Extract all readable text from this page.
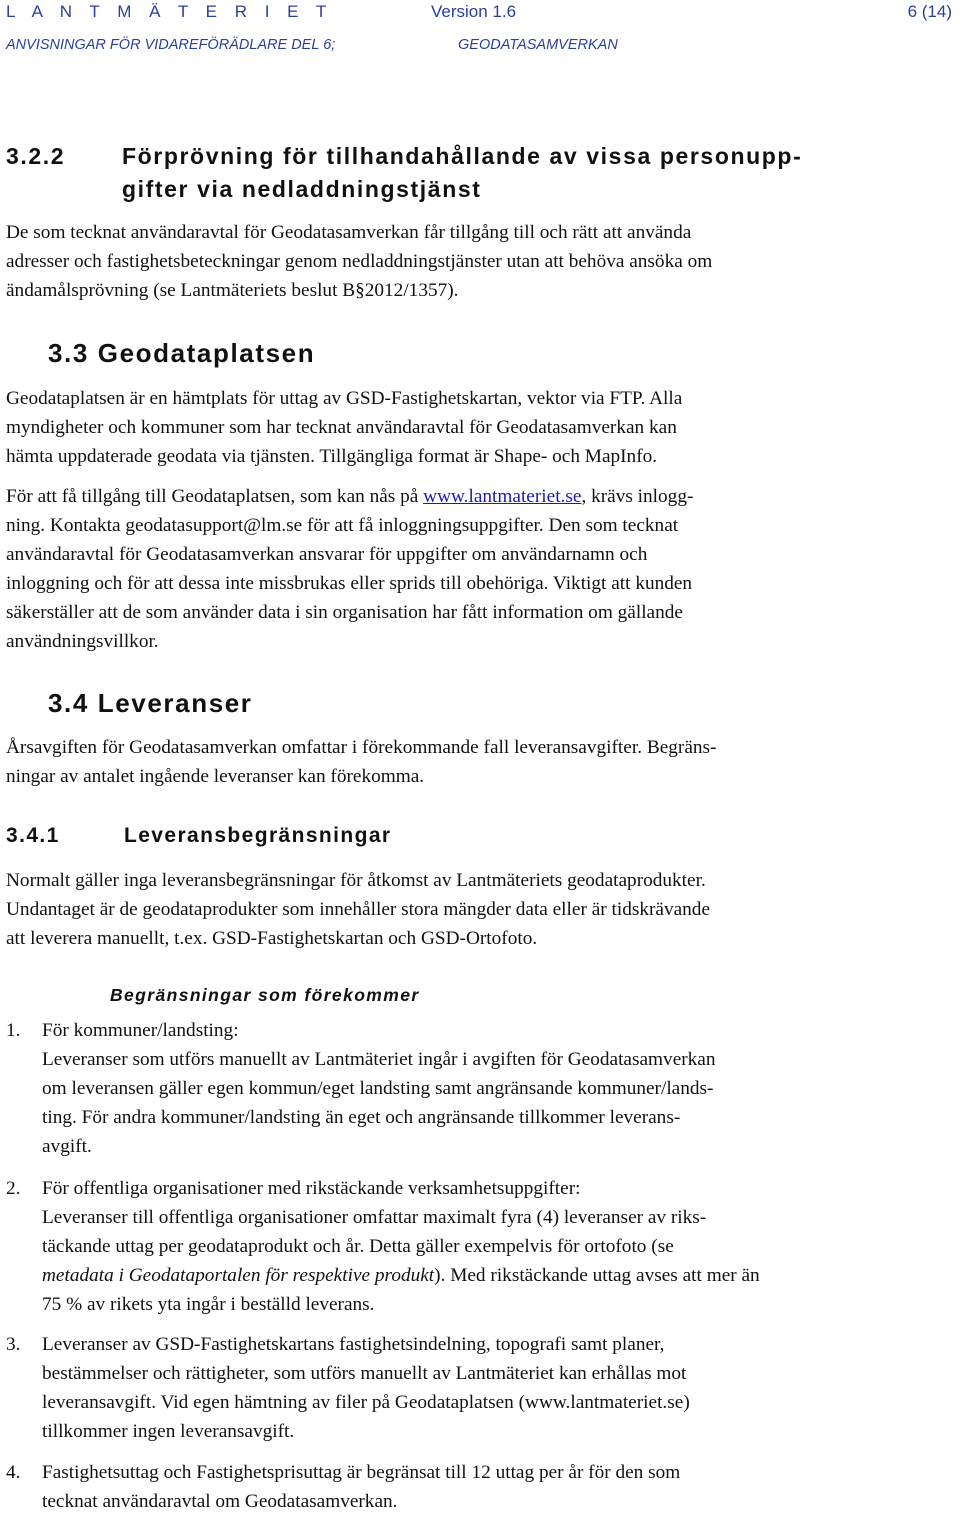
L A N T M Ä T E R I E T	Version 1.6	6 (14)
ANVISNINGAR FÖR VIDAREFÖRÄDLARE DEL 6;	GEODATASAMVERKAN
3.2.2 Förprövning för tillhandahållande av vissa personupp-
gifter via nedladdningstjänst
De som tecknat användaravtal för Geodatasamverkan får tillgång till och rätt att använda
adresser och fastighetsbeteckningar genom nedladdningstjänster utan att behöva ansöka om
ändamålsprövning (se Lantmäteriets beslut B§2012/1357).
3.3 Geodataplatsen
Geodataplatsen är en hämtplats för uttag av GSD-Fastighetskartan, vektor via FTP. Alla
myndigheter och kommuner som har tecknat användaravtal för Geodatasamverkan kan
hämta uppdaterade geodata via tjänsten. Tillgängliga format är Shape- och MapInfo.
För att få tillgång till Geodataplatsen, som kan nås på www.lantmateriet.se, krävs inlogg-
ning. Kontakta geodatasupport@lm.se för att få inloggningsuppgifter. Den som tecknat
användaravtal för Geodatasamverkan ansvarar för uppgifter om användarnamn och
inloggning och för att dessa inte missbrukas eller sprids till obehöriga. Viktigt att kunden
säkerställer att de som använder data i sin organisation har fått information om gällande
användningsvillkor.
3.4 Leveranser
Årsavgiften för Geodatasamverkan omfattar i förekommande fall leveransavgifter. Begräns-
ningar av antalet ingående leveranser kan förekomma.
3.4.1	Leveransbegränsningar
Normalt gäller inga leveransbegränsningar för åtkomst av Lantmäteriets geodataprodukter.
Undantaget är de geodataprodukter som innehåller stora mängder data eller är tidskrävande
att leverera manuellt, t.ex. GSD-Fastighetskartan och GSD-Ortofoto.
Begränsningar som förekommer
1. För kommuner/landsting:
Leveranser som utförs manuellt av Lantmäteriet ingår i avgiften för Geodatasamverkan
om leveransen gäller egen kommun/eget landsting samt angränsande kommuner/lands-
ting. För andra kommuner/landsting än eget och angränsande tillkommer leverans-
avgift.
2. För offentliga organisationer med rikstäckande verksamhetsuppgifter:
Leveranser till offentliga organisationer omfattar maximalt fyra (4) leveranser av riks-
täckande uttag per geodataprodukt och år. Detta gäller exempelvis för ortofoto (se
metadata i Geodataportalen för respektive produkt). Med rikstäckande uttag avses att mer än
75 % av rikets yta ingår i beställd leverans.
3. Leveranser av GSD-Fastighetskartans fastighetsindelning, topografi samt planer,
bestämmelser och rättigheter, som utförs manuellt av Lantmäteriet kan erhållas mot
leveransavgift. Vid egen hämtning av filer på Geodataplatsen (www.lantmateriet.se)
tillkommer ingen leveransavgift.
4. Fastighetsuttag och Fastighetsprisuttag är begränsat till 12 uttag per år för den som
tecknat användaravtal om Geodatasamverkan.
